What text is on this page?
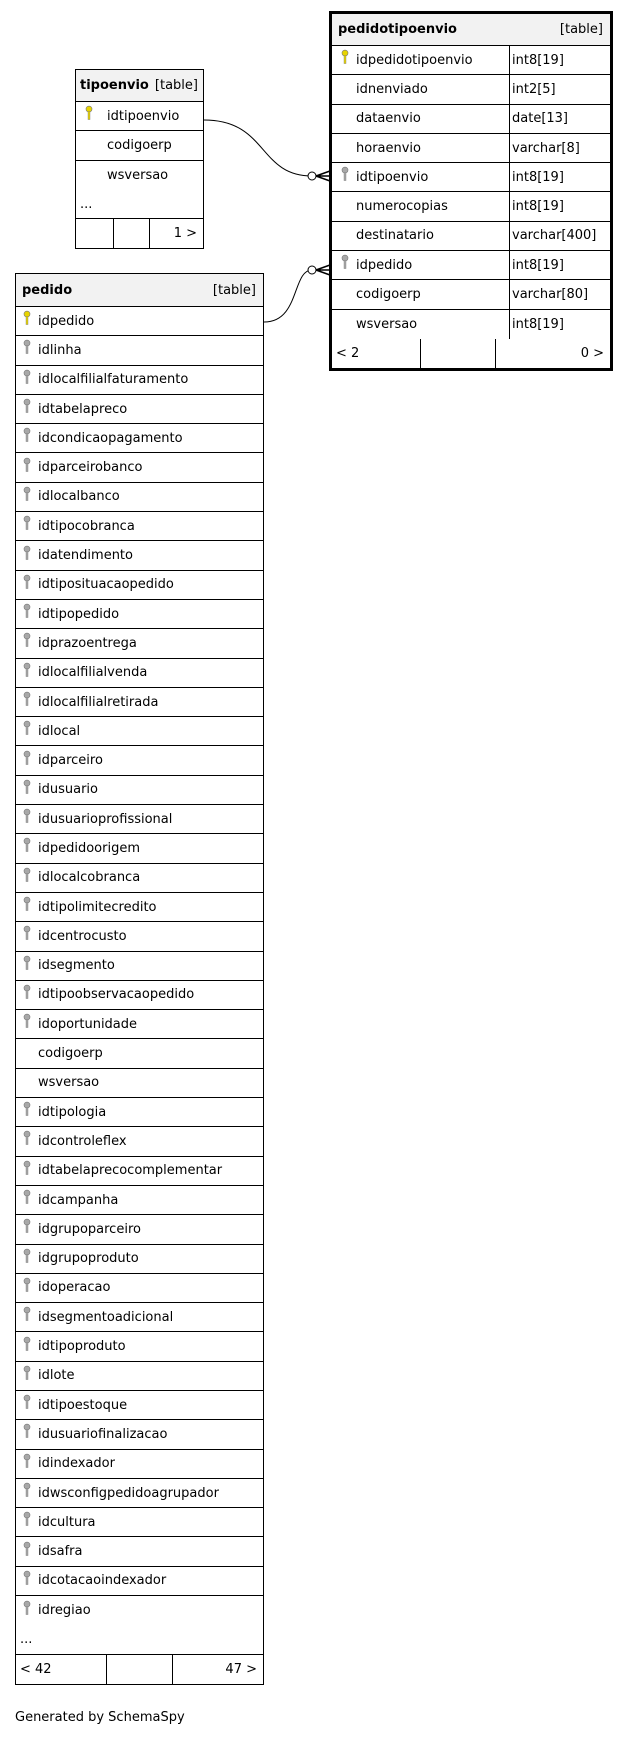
pedidotipoenvio	[table]
idpedidotipoenvio	int8[19]
idnenviado	int2[5]
dataenvio	date[13]
horaenvio	varchar[8]
idtipoenvio	int8[19]
numerocopias	int8[19]
destinatario	varchar[400]
idpedido	int8[19]
codigoerp	varchar[80]
wsversao	int8[19]
< 2	0 >
tipoenvio [table]
idtipoenvio
codigoerp
wsversao
...
1 >
pedido	[table]
idpedido
idlinha
idlocalfilialfaturamento
idtabelapreco
idcondicaopagamento
idparceirobanco
idlocalbanco
idtipocobranca
idatendimento
idtiposituacaopedido
idtipopedido
idprazoentrega
idlocalfilialvenda
idlocalfilialretirada
idlocal
idparceiro
idusuario
idusuarioprofissional
idpedidoorigem
idlocalcobranca
idtipolimitecredito
idcentrocusto
idsegmento
idtipoobservacaopedido
idoportunidade
codigoerp
wsversao
idtipologia
idcontroleflex
idtabelaprecocomplementar
idcampanha
idgrupoparceiro
idgrupoproduto
idoperacao
idsegmentoadicional
idtipoproduto
idlote
idtipoestoque
idusuariofinalizacao
idindexador
idwsconfigpedidoagrupador
idcultura
idsafra
idcotacaoindexador
idregiao
...
< 42	47 >
Generated by SchemaSpy
